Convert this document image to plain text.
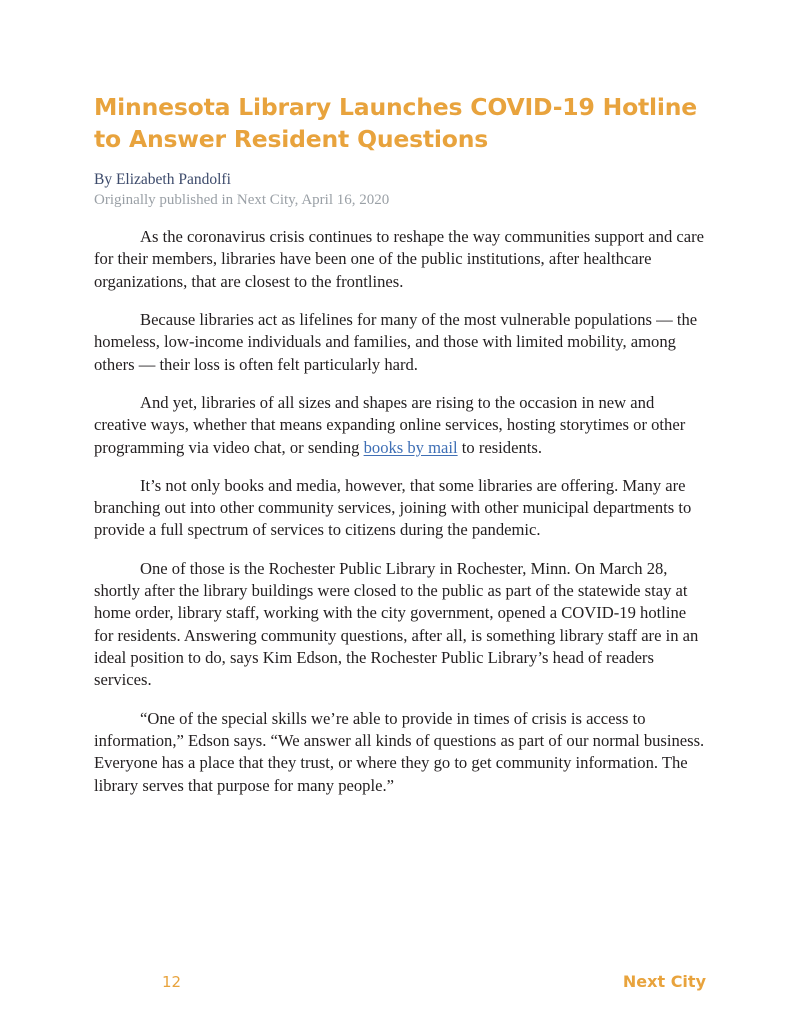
Minnesota Library Launches COVID-19 Hotline to Answer Resident Questions
By Elizabeth Pandolfi
Originally published in Next City, April 16, 2020

As the coronavirus crisis continues to reshape the way communities support and care for their members, libraries have been one of the public institutions, after healthcare organizations, that are closest to the frontlines.

Because libraries act as lifelines for many of the most vulnerable populations — the homeless, low-income individuals and families, and those with limited mobility, among others — their loss is often felt particularly hard.

And yet, libraries of all sizes and shapes are rising to the occasion in new and creative ways, whether that means expanding online services, hosting storytimes or other programming via video chat, or sending books by mail to residents.

It’s not only books and media, however, that some libraries are offering. Many are branching out into other community services, joining with other municipal departments to provide a full spectrum of services to citizens during the pandemic.

One of those is the Rochester Public Library in Rochester, Minn. On March 28, shortly after the library buildings were closed to the public as part of the statewide stay at home order, library staff, working with the city government, opened a COVID-19 hotline for residents. Answering community questions, after all, is something library staff are in an ideal position to do, says Kim Edson, the Rochester Public Library’s head of readers services.

“One of the special skills we’re able to provide in times of crisis is access to information,” Edson says. “We answer all kinds of questions as part of our normal business. Everyone has a place that they trust, or where they go to get community information. The library serves that purpose for many people.”

12	Next City
